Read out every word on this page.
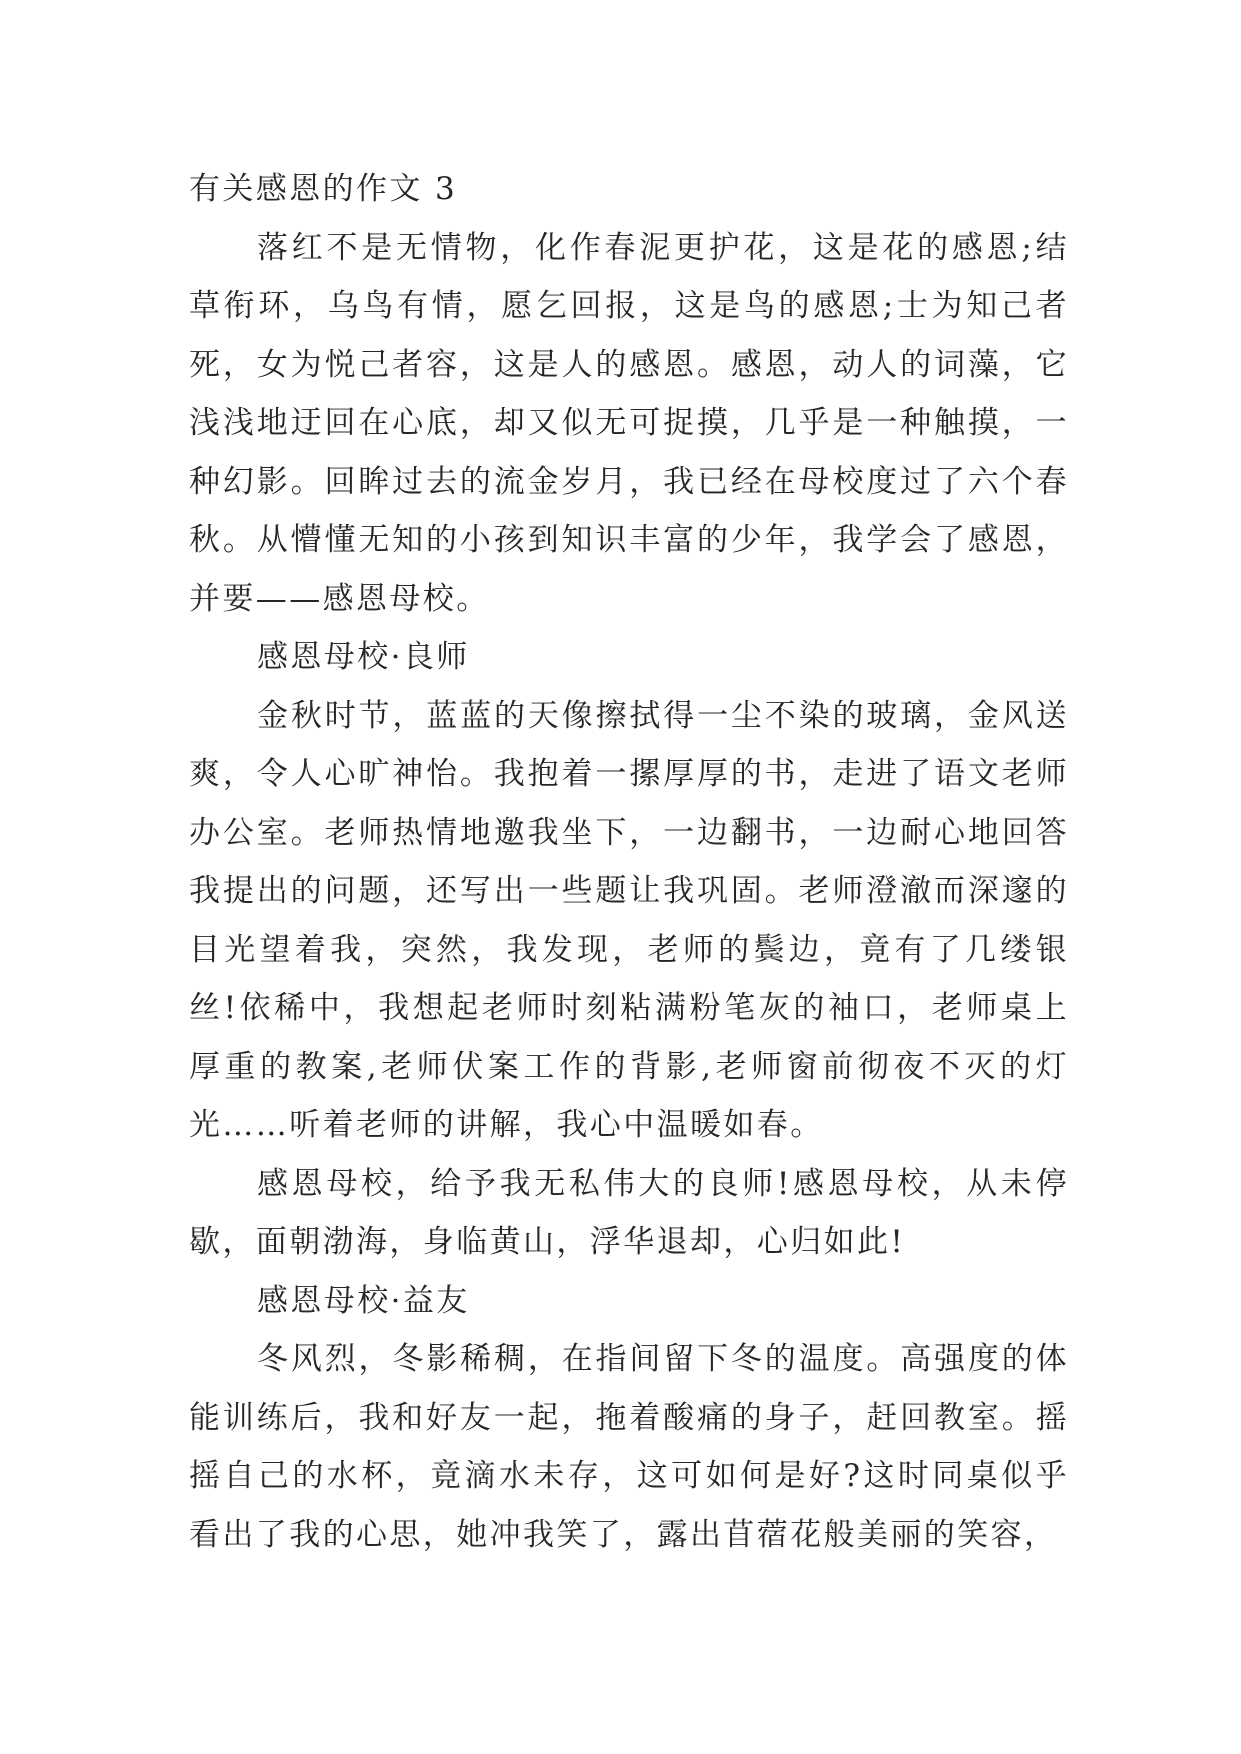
有关感恩的作文 3

落红不是无情物，化作春泥更护花，这是花的感恩;结草衔环，乌鸟有情，愿乞回报，这是鸟的感恩;士为知己者死，女为悦己者容，这是人的感恩。感恩，动人的词藻，它浅浅地迂回在心底，却又似无可捉摸，几乎是一种触摸，一种幻影。回眸过去的流金岁月，我已经在母校度过了六个春秋。从懵懂无知的小孩到知识丰富的少年，我学会了感恩，并要——感恩母校。

感恩母校·良师

金秋时节，蓝蓝的天像擦拭得一尘不染的玻璃，金风送爽，令人心旷神怡。我抱着一摞厚厚的书，走进了语文老师办公室。老师热情地邀我坐下，一边翻书，一边耐心地回答我提出的问题，还写出一些题让我巩固。老师澄澈而深邃的目光望着我，突然，我发现，老师的鬓边，竟有了几缕银丝!依稀中，我想起老师时刻粘满粉笔灰的袖口，老师桌上厚重的教案,老师伏案工作的背影,老师窗前彻夜不灭的灯光……听着老师的讲解，我心中温暖如春。

感恩母校，给予我无私伟大的良师!感恩母校，从未停歇，面朝渤海，身临黄山，浮华退却，心归如此!

感恩母校·益友

冬风烈，冬影稀稠，在指间留下冬的温度。高强度的体能训练后，我和好友一起，拖着酸痛的身子，赶回教室。摇摇自己的水杯，竟滴水未存，这可如何是好?这时同桌似乎看出了我的心思，她冲我笑了，露出苜蓿花般美丽的笑容，
